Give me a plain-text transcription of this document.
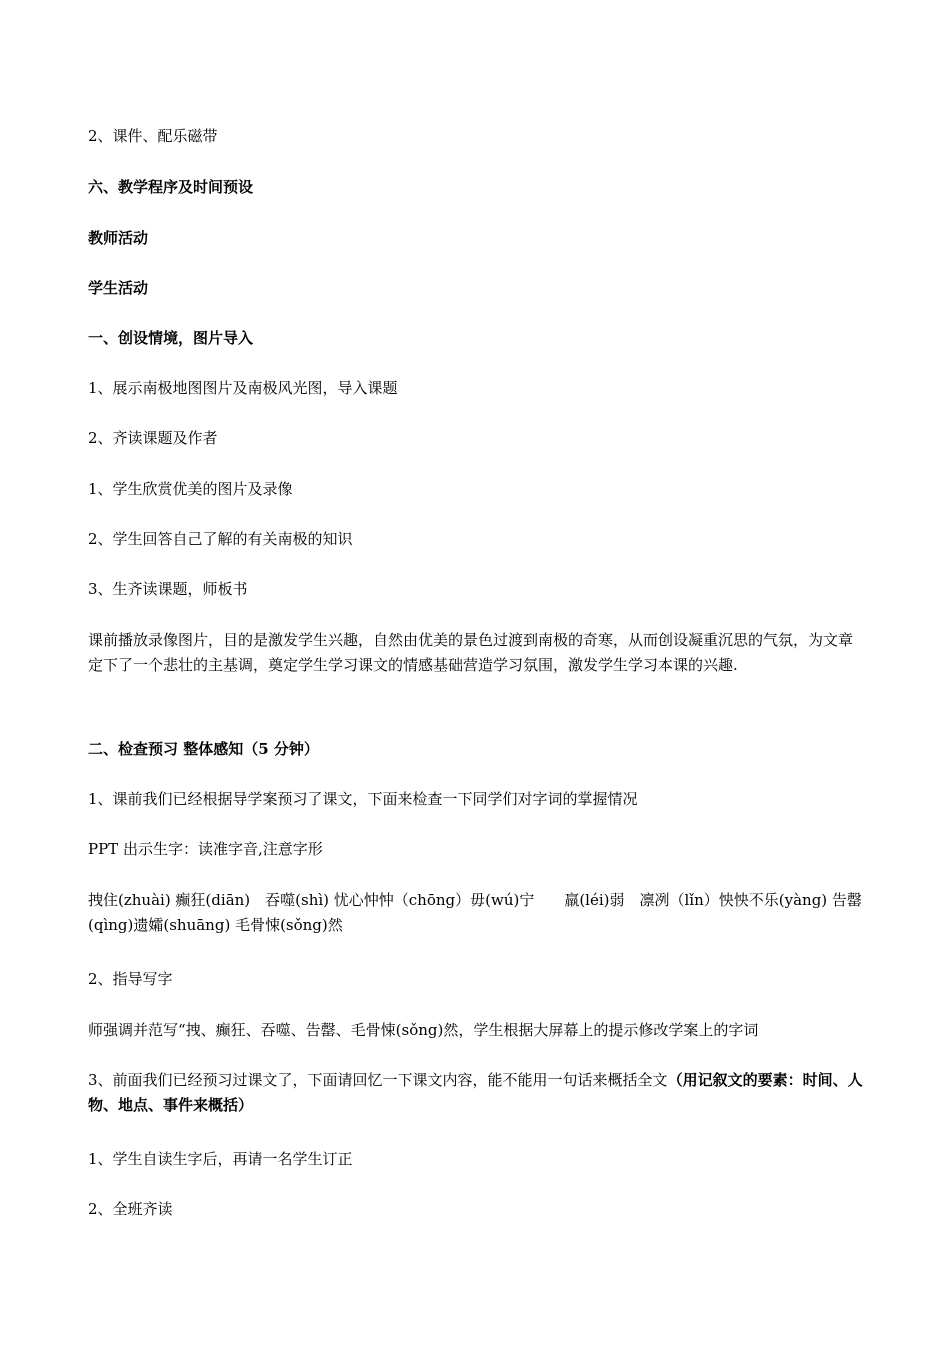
2、课件、配乐磁带

六、教学程序及时间预设

教师活动

学生活动

一、创设情境，图片导入

1、展示南极地图图片及南极风光图，导入课题

2、齐读课题及作者

1、学生欣赏优美的图片及录像

2、学生回答自己了解的有关南极的知识

3、生齐读课题，师板书

课前播放录像图片，目的是激发学生兴趣，自然由优美的景色过渡到南极的奇寒，从而创设凝重沉思的气氛，为文章定下了一个悲壮的主基调，奠定学生学习课文的情感基础营造学习氛围，激发学生学习本课的兴趣.

二、检查预习 整体感知（5 分钟）

1、课前我们已经根据导学案预习了课文，下面来检查一下同学们对字词的掌握情况

PPT 出示生字：读准字音,注意字形

拽住(zhuài) 癫狂(diān)　吞噬(shì) 忧心忡忡（chōng）毋(wú)宁　　羸(léi)弱　凛冽（lǐn）怏怏不乐(yàng) 告罄(qìng)遗孀(shuāng) 毛骨悚(sǒng)然

2、指导写字

师强调并范写“拽、癫狂、吞噬、告罄、毛骨悚(sǒng)然，学生根据大屏幕上的提示修改学案上的字词

3、前面我们已经预习过课文了，下面请回忆一下课文内容，能不能用一句话来概括全文（用记叙文的要素：时间、人物、地点、事件来概括）

1、学生自读生字后，再请一名学生订正

2、全班齐读
